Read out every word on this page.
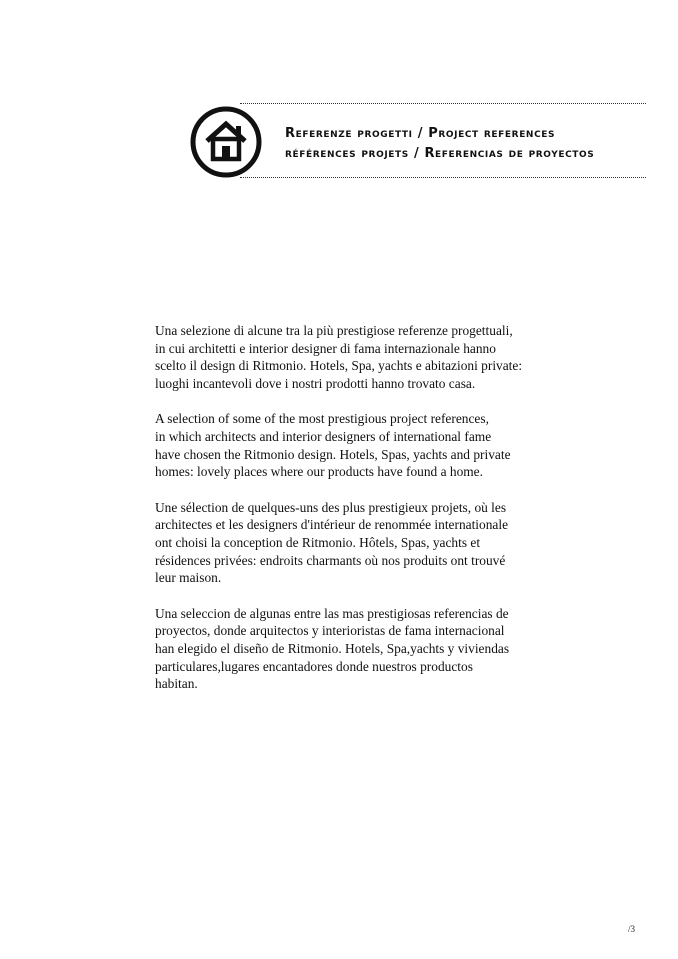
Referenze progetti / Project references
références projets / Referencias de proyectos

Una selezione di alcune tra la più prestigiose referenze progettuali,
in cui architetti e interior designer di fama internazionale hanno
scelto il design di Ritmonio. Hotels, Spa, yachts e abitazioni private:
luoghi incantevoli dove i nostri prodotti hanno trovato casa.

A selection of some of the most prestigious project references,
in which architects and interior designers of international fame
have chosen the Ritmonio design. Hotels, Spas, yachts and private
homes: lovely places where our products have found a home.

Une sélection de quelques-uns des plus prestigieux projets, où les
architectes et les designers d'intérieur de renommée internationale
ont choisi la conception de Ritmonio. Hôtels, Spas, yachts et
résidences privées: endroits charmants où nos produits ont trouvé
leur maison.

Una seleccion de algunas entre las mas prestigiosas referencias de
proyectos, donde arquitectos y interioristas de fama internacional
han elegido el diseño de Ritmonio. Hotels, Spa,yachts y viviendas
particulares,lugares encantadores donde nuestros productos
habitan.

/3
